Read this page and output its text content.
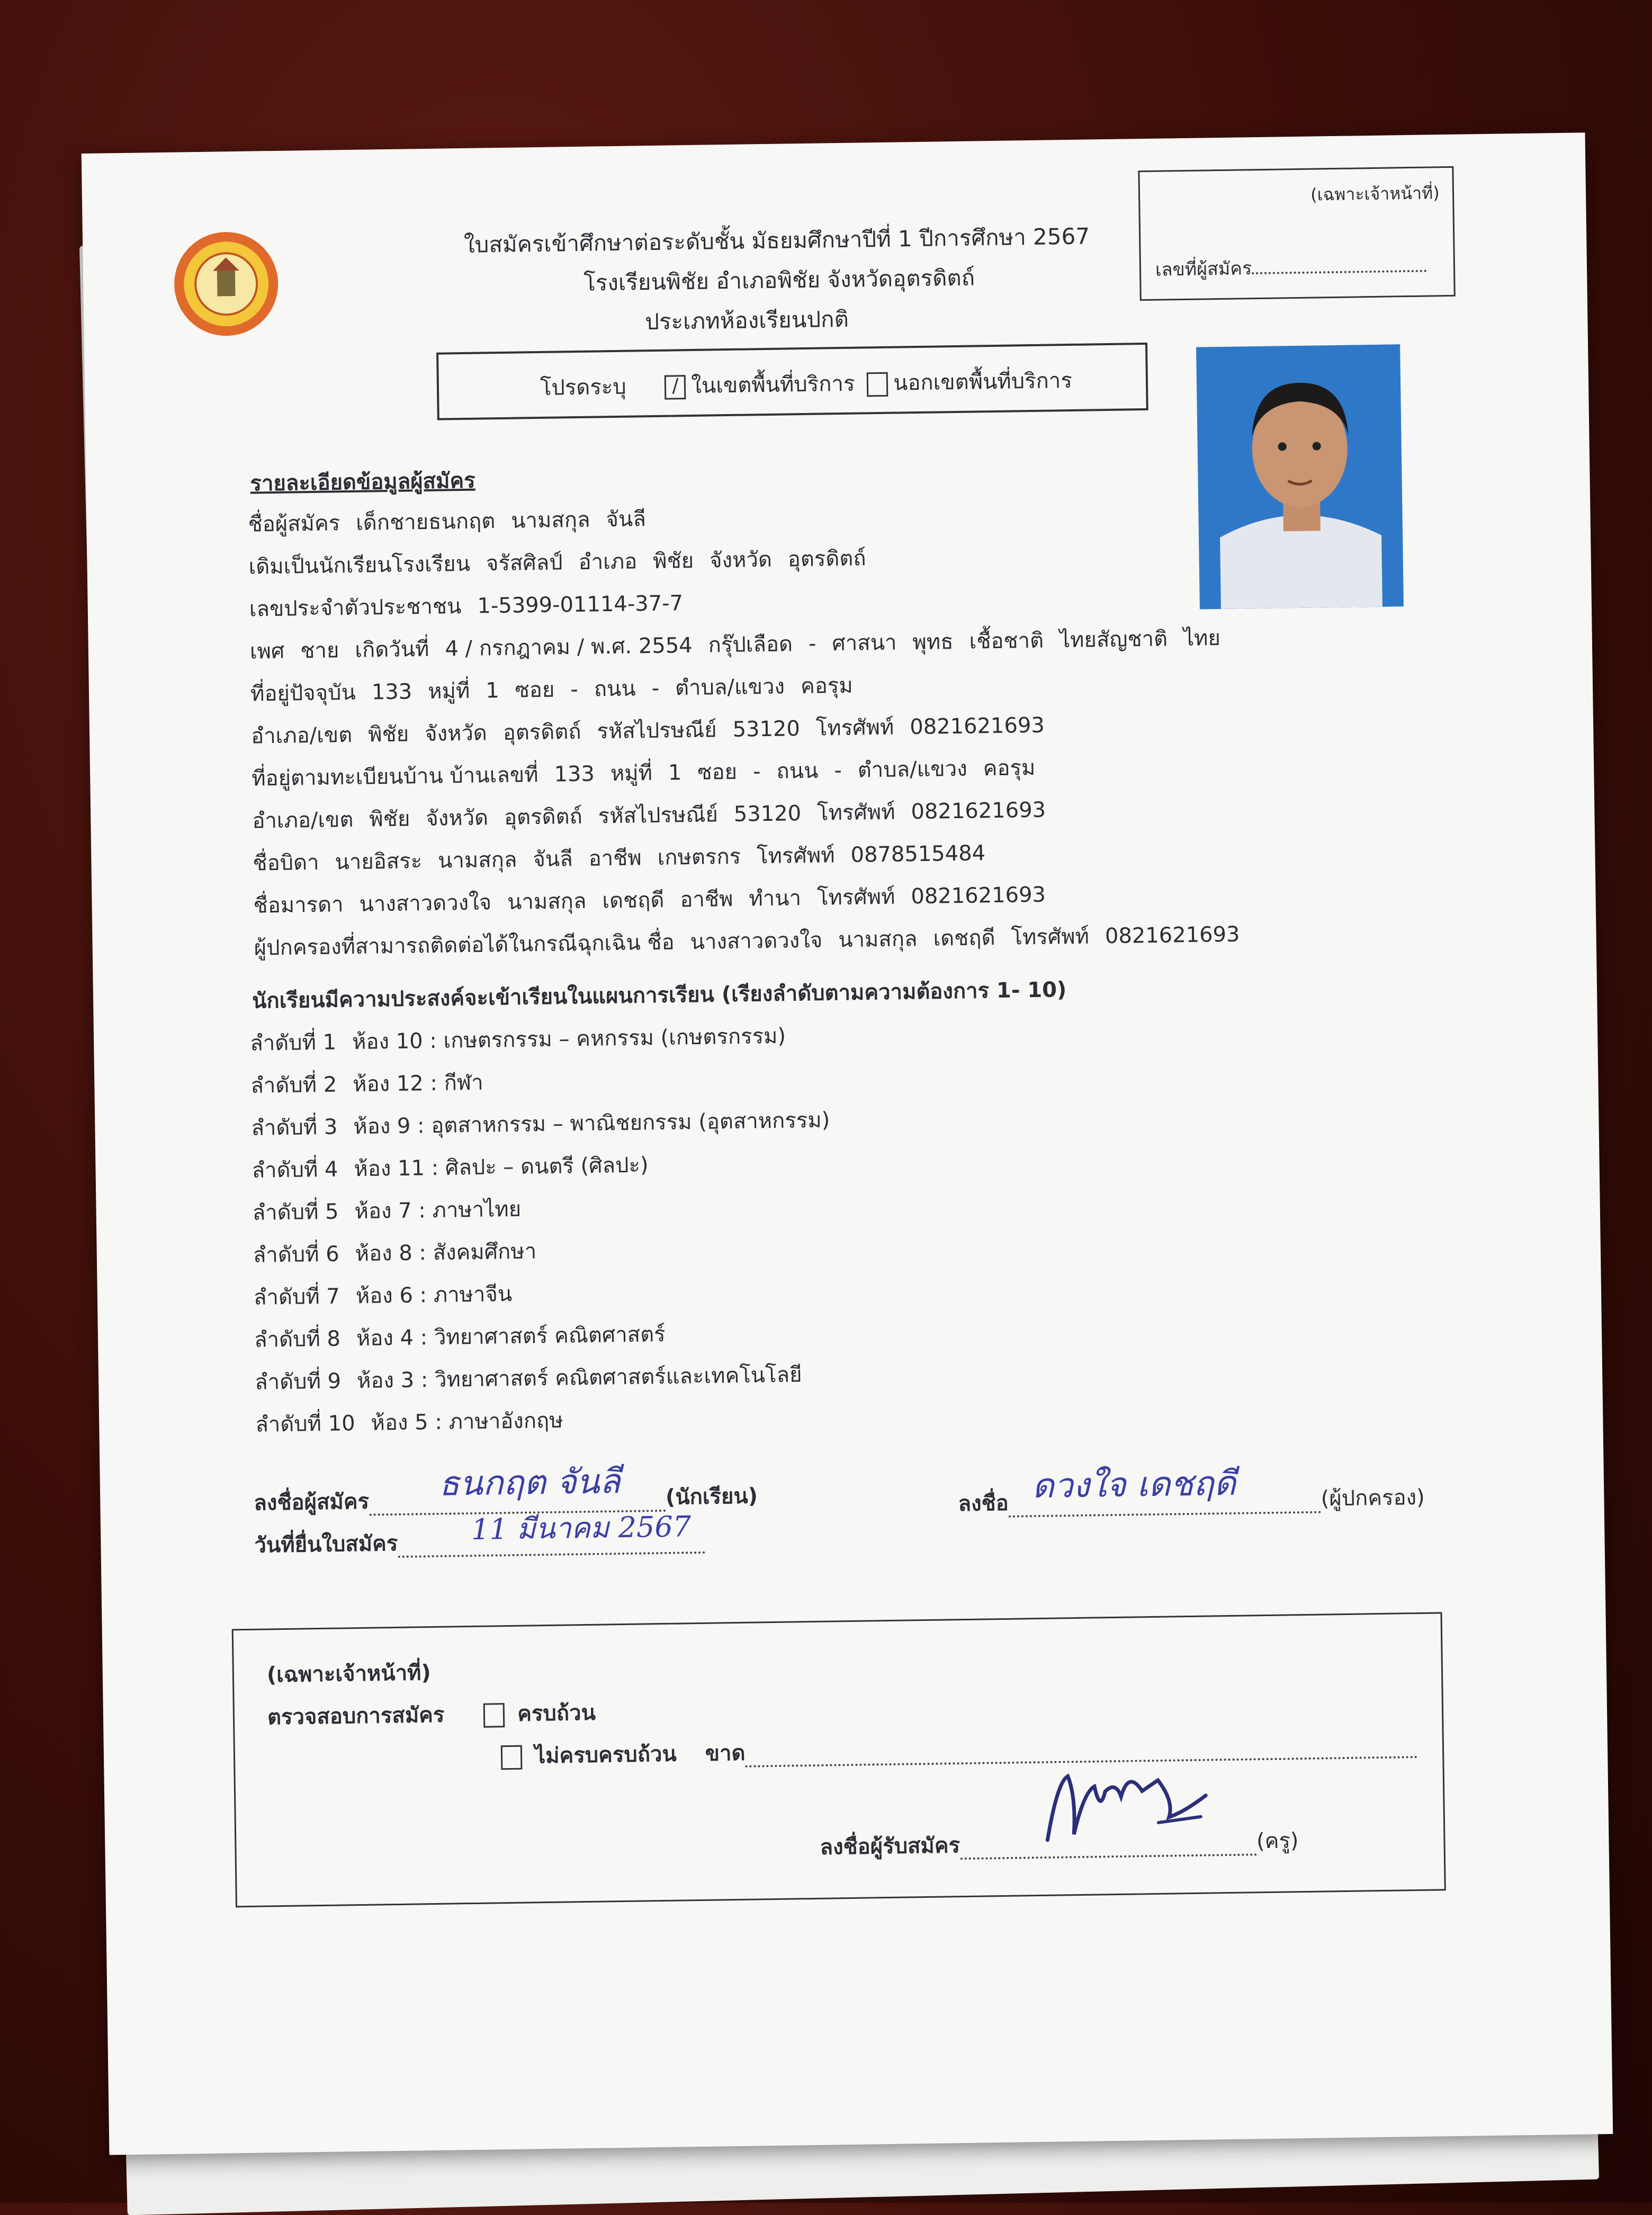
ใบสมัครเข้าศึกษาต่อระดับชั้น มัธยมศึกษาปีที่ 1 ปีการศึกษา 2567
โรงเรียนพิชัย อำเภอพิชัย จังหวัดอุตรดิตถ์
ประเภทห้องเรียนปกติ
(เฉพาะเจ้าหน้าที่)
เลขที่ผู้สมัคร
โปรดระบุ / ในเขตพื้นที่บริการ นอกเขตพื้นที่บริการ
รายละเอียดข้อมูลผู้สมัคร
ชื่อผู้สมัคร เด็กชายธนกฤต นามสกุล จันลี
เดิมเป็นนักเรียนโรงเรียน จรัสศิลป์ อำเภอ พิชัย จังหวัด อุตรดิตถ์
เลขประจำตัวประชาชน 1-5399-01114-37-7
เพศ ชาย เกิดวันที่ 4 / กรกฎาคม / พ.ศ. 2554 กรุ๊ปเลือด - ศาสนา พุทธ เชื้อชาติ ไทยสัญชาติ ไทย
ที่อยู่ปัจจุบัน 133 หมู่ที่ 1 ซอย - ถนน - ตำบล/แขวง คอรุม
อำเภอ/เขต พิชัย จังหวัด อุตรดิตถ์ รหัสไปรษณีย์ 53120 โทรศัพท์ 0821621693
ที่อยู่ตามทะเบียนบ้าน บ้านเลขที่ 133 หมู่ที่ 1 ซอย - ถนน - ตำบล/แขวง คอรุม
อำเภอ/เขต พิชัย จังหวัด อุตรดิตถ์ รหัสไปรษณีย์ 53120 โทรศัพท์ 0821621693
ชื่อบิดา นายอิสระ นามสกุล จันลี อาชีพ เกษตรกร โทรศัพท์ 0878515484
ชื่อมารดา นางสาวดวงใจ นามสกุล เดชฤดี อาชีพ ทำนา โทรศัพท์ 0821621693
ผู้ปกครองที่สามารถติดต่อได้ในกรณีฉุกเฉิน ชื่อ นางสาวดวงใจ นามสกุล เดชฤดี โทรศัพท์ 0821621693
นักเรียนมีความประสงค์จะเข้าเรียนในแผนการเรียน (เรียงลำดับตามความต้องการ 1- 10)
ลำดับที่ 1 ห้อง 10 : เกษตรกรรม – คหกรรม (เกษตรกรรม)
ลำดับที่ 2 ห้อง 12 : กีฬา
ลำดับที่ 3 ห้อง 9 : อุตสาหกรรม – พาณิชยกรรม (อุตสาหกรรม)
ลำดับที่ 4 ห้อง 11 : ศิลปะ – ดนตรี (ศิลปะ)
ลำดับที่ 5 ห้อง 7 : ภาษาไทย
ลำดับที่ 6 ห้อง 8 : สังคมศึกษา
ลำดับที่ 7 ห้อง 6 : ภาษาจีน
ลำดับที่ 8 ห้อง 4 : วิทยาศาสตร์ คณิตศาสตร์
ลำดับที่ 9 ห้อง 3 : วิทยาศาสตร์ คณิตศาสตร์และเทคโนโลยี
ลำดับที่ 10 ห้อง 5 : ภาษาอังกฤษ
ลงชื่อผู้สมัคร	(นักเรียน)
ธนกฤต จันลี
วันที่ยื่นใบสมัคร	11 มีนาคม 2567
ลงชื่อ	(ผู้ปกครอง)
ดวงใจ เดชฤดี
(เฉพาะเจ้าหน้าที่)
ตรวจสอบการสมัคร	ครบถ้วน
ไม่ครบครบถ้วน ขาด
ลงชื่อผู้รับสมัคร	(ครู)
